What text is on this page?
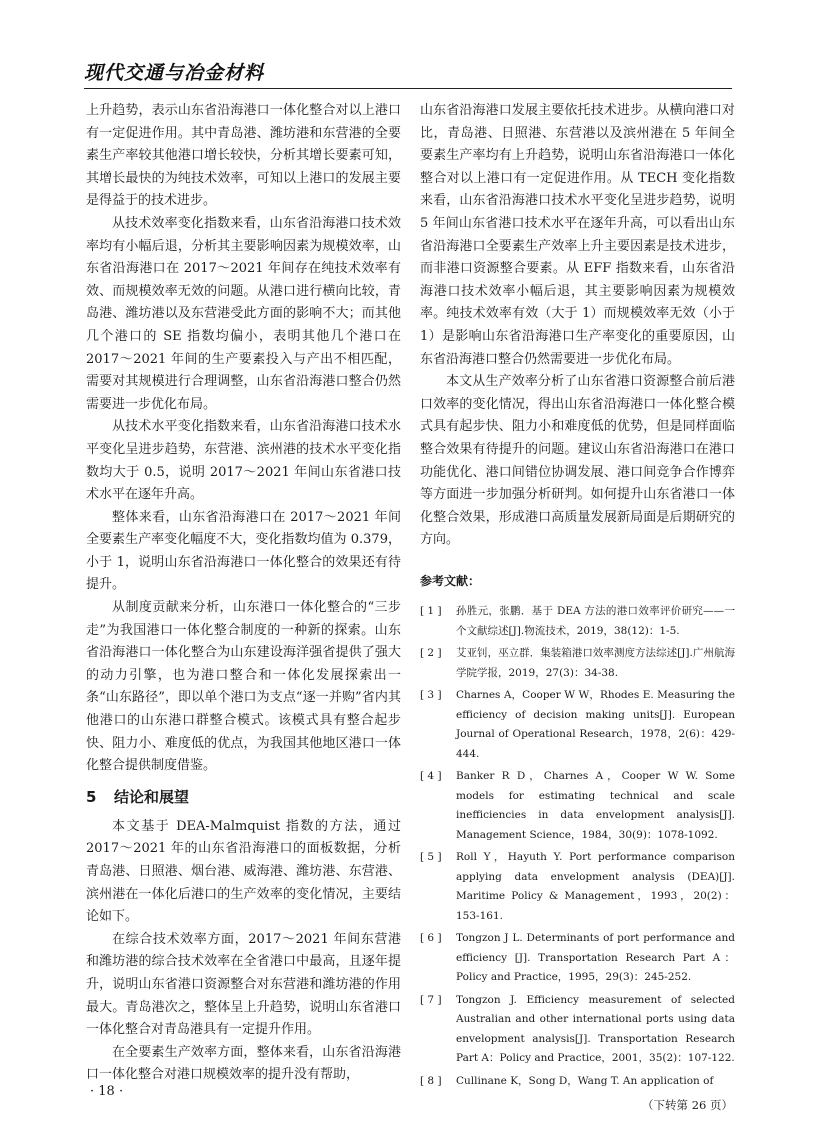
现代交通与冶金材料

上升趋势，表示山东省沿海港口一体化整合对以上港口有一定促进作用。其中青岛港、潍坊港和东营港的全要素生产率较其他港口增长较快，分析其增长要素可知，其增长最快的为纯技术效率，可知以上港口的发展主要是得益于的技术进步。

从技术效率变化指数来看，山东省沿海港口技术效率均有小幅后退，分析其主要影响因素为规模效率，山东省沿海港口在 2017～2021 年间存在纯技术效率有效、而规模效率无效的问题。从港口进行横向比较，青岛港、潍坊港以及东营港受此方面的影响不大；而其他几个港口的 SE 指数均偏小，表明其他几个港口在 2017～2021 年间的生产要素投入与产出不相匹配，需要对其规模进行合理调整，山东省沿海港口整合仍然需要进一步优化布局。

从技术水平变化指数来看，山东省沿海港口技术水平变化呈进步趋势，东营港、滨州港的技术水平变化指数均大于 0.5，说明 2017～2021 年间山东省港口技术水平在逐年升高。

整体来看，山东省沿海港口在 2017～2021 年间全要素生产率变化幅度不大，变化指数均值为 0.379，小于 1，说明山东省沿海港口一体化整合的效果还有待提升。

从制度贡献来分析，山东港口一体化整合的“三步走”为我国港口一体化整合制度的一种新的探索。山东省沿海港口一体化整合为山东建设海洋强省提供了强大的动力引擎，也为港口整合和一体化发展探索出一条“山东路径”，即以单个港口为支点“逐一并购”省内其他港口的山东港口群整合模式。该模式具有整合起步快、阻力小、难度低的优点，为我国其他地区港口一体化整合提供制度借鉴。

5 结论和展望

本文基于 DEA-Malmquist 指数的方法，通过 2017～2021 年的山东省沿海港口的面板数据，分析青岛港、日照港、烟台港、威海港、潍坊港、东营港、滨州港在一体化后港口的生产效率的变化情况，主要结论如下。

在综合技术效率方面，2017～2021 年间东营港和潍坊港的综合技术效率在全省港口中最高，且逐年提升，说明山东省港口资源整合对东营港和潍坊港的作用最大。青岛港次之，整体呈上升趋势，说明山东省港口一体化整合对青岛港具有一定提升作用。

在全要素生产效率方面，整体来看，山东省沿海港口一体化整合对港口规模效率的提升没有帮助，

山东省沿海港口发展主要依托技术进步。从横向港口对比，青岛港、日照港、东营港以及滨州港在 5 年间全要素生产率均有上升趋势，说明山东省沿海港口一体化整合对以上港口有一定促进作用。从 TECH 变化指数来看，山东省沿海港口技术水平变化呈进步趋势，说明 5 年间山东省港口技术水平在逐年升高，可以看出山东省沿海港口全要素生产效率上升主要因素是技术进步，而非港口资源整合要素。从 EFF 指数来看，山东省沿海港口技术效率小幅后退，其主要影响因素为规模效率。纯技术效率有效（大于 1）而规模效率无效（小于 1）是影响山东省沿海港口生产率变化的重要原因，山东省沿海港口整合仍然需要进一步优化布局。

本文从生产效率分析了山东省港口资源整合前后港口效率的变化情况，得出山东省沿海港口一体化整合模式具有起步快、阻力小和难度低的优势，但是同样面临整合效果有待提升的问题。建议山东省沿海港口在港口功能优化、港口间错位协调发展、港口间竞争合作博弈等方面进一步加强分析研判。如何提升山东省港口一体化整合效果，形成港口高质量发展新局面是后期研究的方向。

参考文献：
[ 1 ]	孙胜元，张鹏．基于 DEA 方法的港口效率评价研究——一个文献综述[J].物流技术，2019，38(12)：1-5.
[ 2 ]	艾亚钊，巫立群．集装箱港口效率测度方法综述[J].广州航海学院学报，2019，27(3)：34-38.
[ 3 ]	Charnes A，Cooper W W，Rhodes E. Measuring the efficiency of decision making units[J]. European Journal of Operational Research，1978，2(6)：429-444.
[ 4 ]	Banker R D，Charnes A，Cooper W W. Some models for estimating technical and scale inefficiencies in data envelopment analysis[J]. Management Science，1984，30(9)：1078-1092.
[ 5 ]	Roll Y，Hayuth Y. Port performance comparison applying data envelopment analysis (DEA)[J]. Maritime Policy & Management，1993，20(2)：153-161.
[ 6 ]	Tongzon J L. Determinants of port performance and efficiency [J]. Transportation Research Part A：Policy and Practice，1995，29(3)：245-252.
[ 7 ]	Tongzon J. Efficiency measurement of selected Australian and other international ports using data envelopment analysis[J]. Transportation Research Part A：Policy and Practice，2001，35(2)：107-122.
[ 8 ]	Cullinane K，Song D，Wang T. An application of
（下转第 26 页）
· 18 ·
